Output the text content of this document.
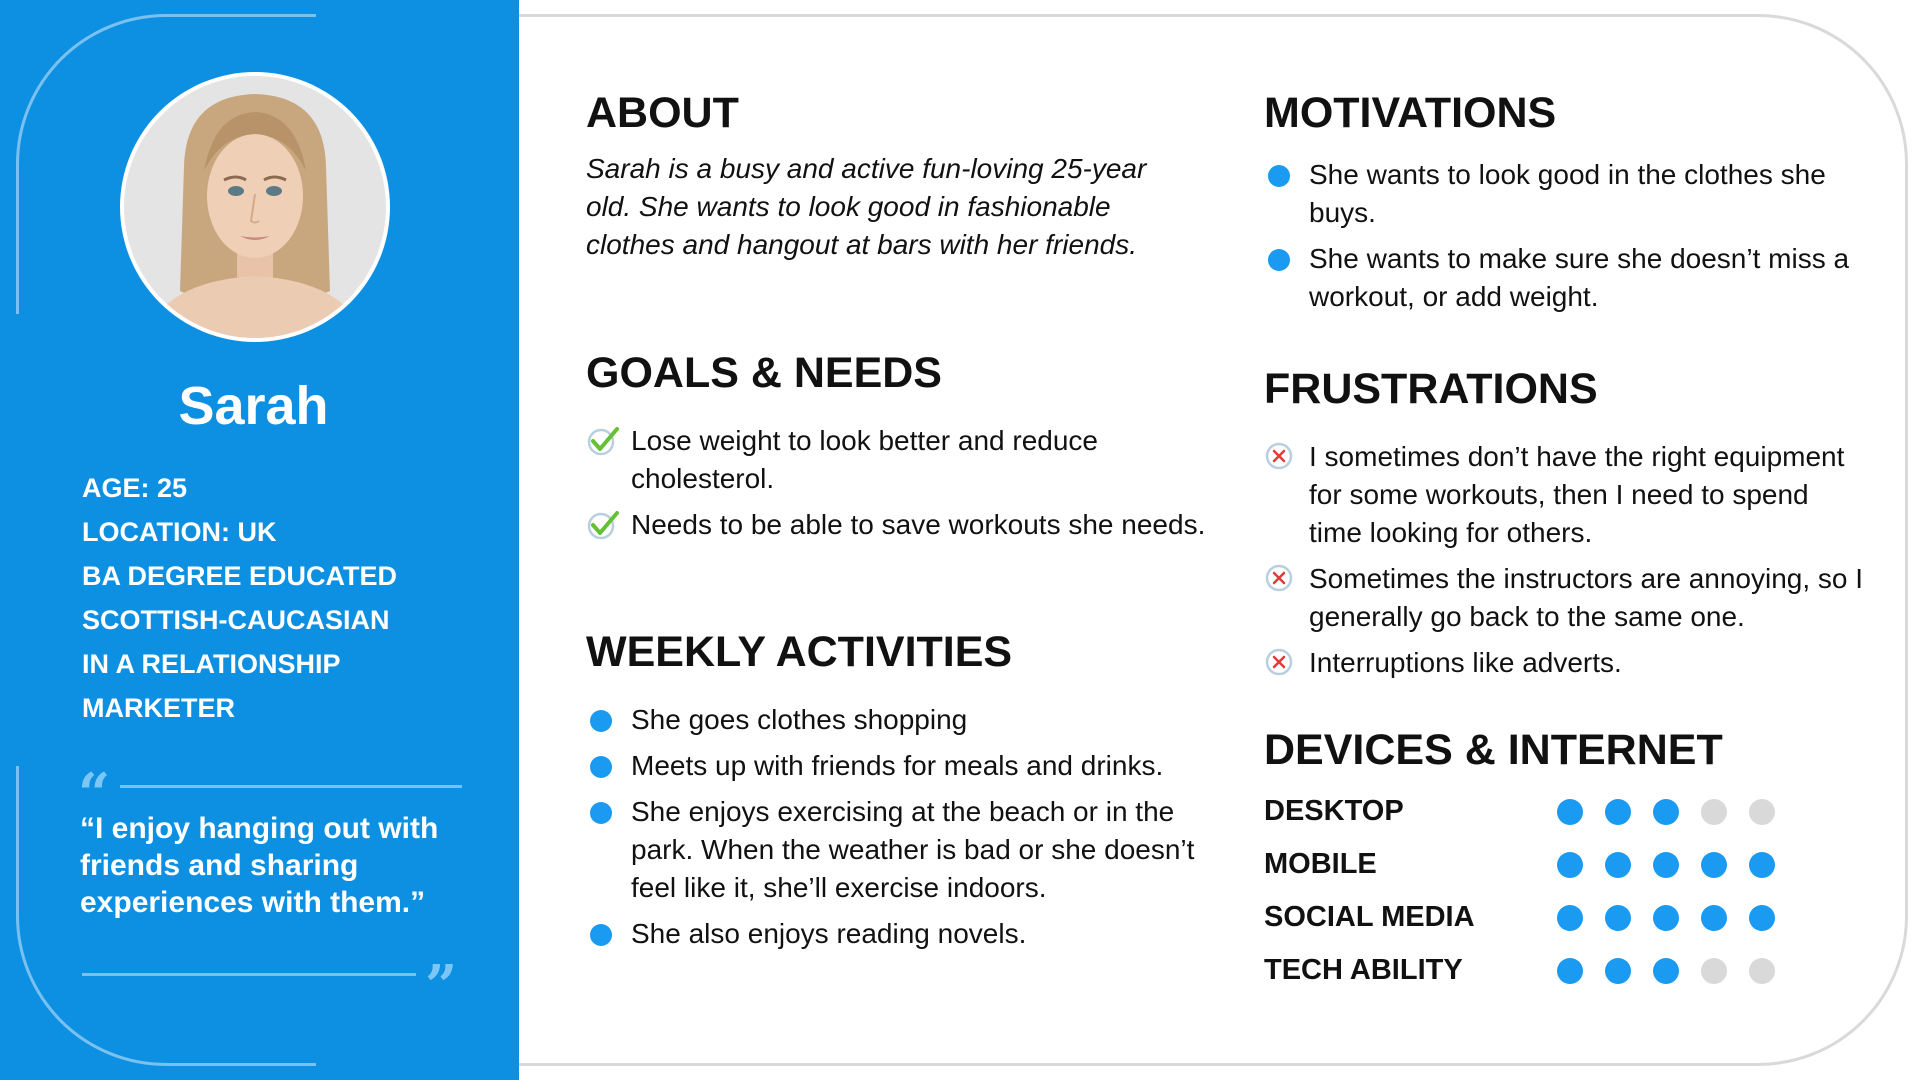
Sarah
AGE: 25
LOCATION: UK
BA DEGREE EDUCATED
SCOTTISH-CAUCASIAN
IN A RELATIONSHIP
MARKETER
“
“I enjoy hanging out with friends and sharing experiences with them.”
”
ABOUT

Sarah is a busy and active fun-loving 25-year old. She wants to look good in fashionable clothes and hangout at bars with her friends.

GOALS & NEEDS
Lose weight to look better and reduce cholesterol.
Needs to be able to save workouts she needs.
WEEKLY ACTIVITIES
She goes clothes shopping
Meets up with friends for meals and drinks.
She enjoys exercising at the beach or in the park. When the weather is bad or she doesn’t feel like it, she’ll exercise indoors.
She also enjoys reading novels.
MOTIVATIONS
She wants to look good in the clothes she buys.
She wants to make sure she doesn’t miss a workout, or add weight.
FRUSTRATIONS
I sometimes don’t have the right equipment for some workouts, then I need to spend time looking for others.
Sometimes the instructors are annoying, so I generally go back to the same one.
Interruptions like adverts.
DEVICES & INTERNET
DESKTOP
MOBILE
SOCIAL MEDIA
TECH ABILITY
